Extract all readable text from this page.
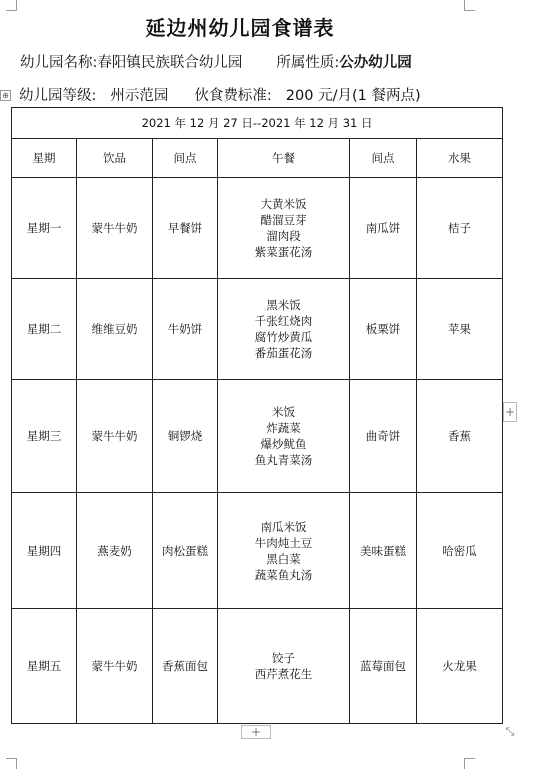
延边州幼儿园食谱表
幼儿园名称:春阳镇民族联合幼儿园 所属性质:公办幼儿园
幼儿园等级: 州示范园 伙食费标准: 200 元/月(1 餐两点)
⊕
2021 年 12 月 27 日--2021 年 12 月 31 日					
星期	饮品	间点	午餐	间点	水果
星期一	蒙牛牛奶	早餐饼	大黄米饭
醋溜豆芽
溜肉段
紫菜蛋花汤	南瓜饼	桔子
星期二	维维豆奶	牛奶饼	黑米饭
千张红烧肉
腐竹炒黄瓜
番茄蛋花汤	板栗饼	苹果
星期三	蒙牛牛奶	铜锣烧	米饭
炸蔬菜
爆炒鱿鱼
鱼丸青菜汤	曲奇饼	香蕉
星期四	燕麦奶	肉松蛋糕	南瓜米饭
牛肉炖土豆
黑白菜
蔬菜鱼丸汤	美味蛋糕	哈密瓜
星期五	蒙牛牛奶	香蕉面包	饺子
西芹煮花生	蓝莓面包	火龙果
+
+	⤡
